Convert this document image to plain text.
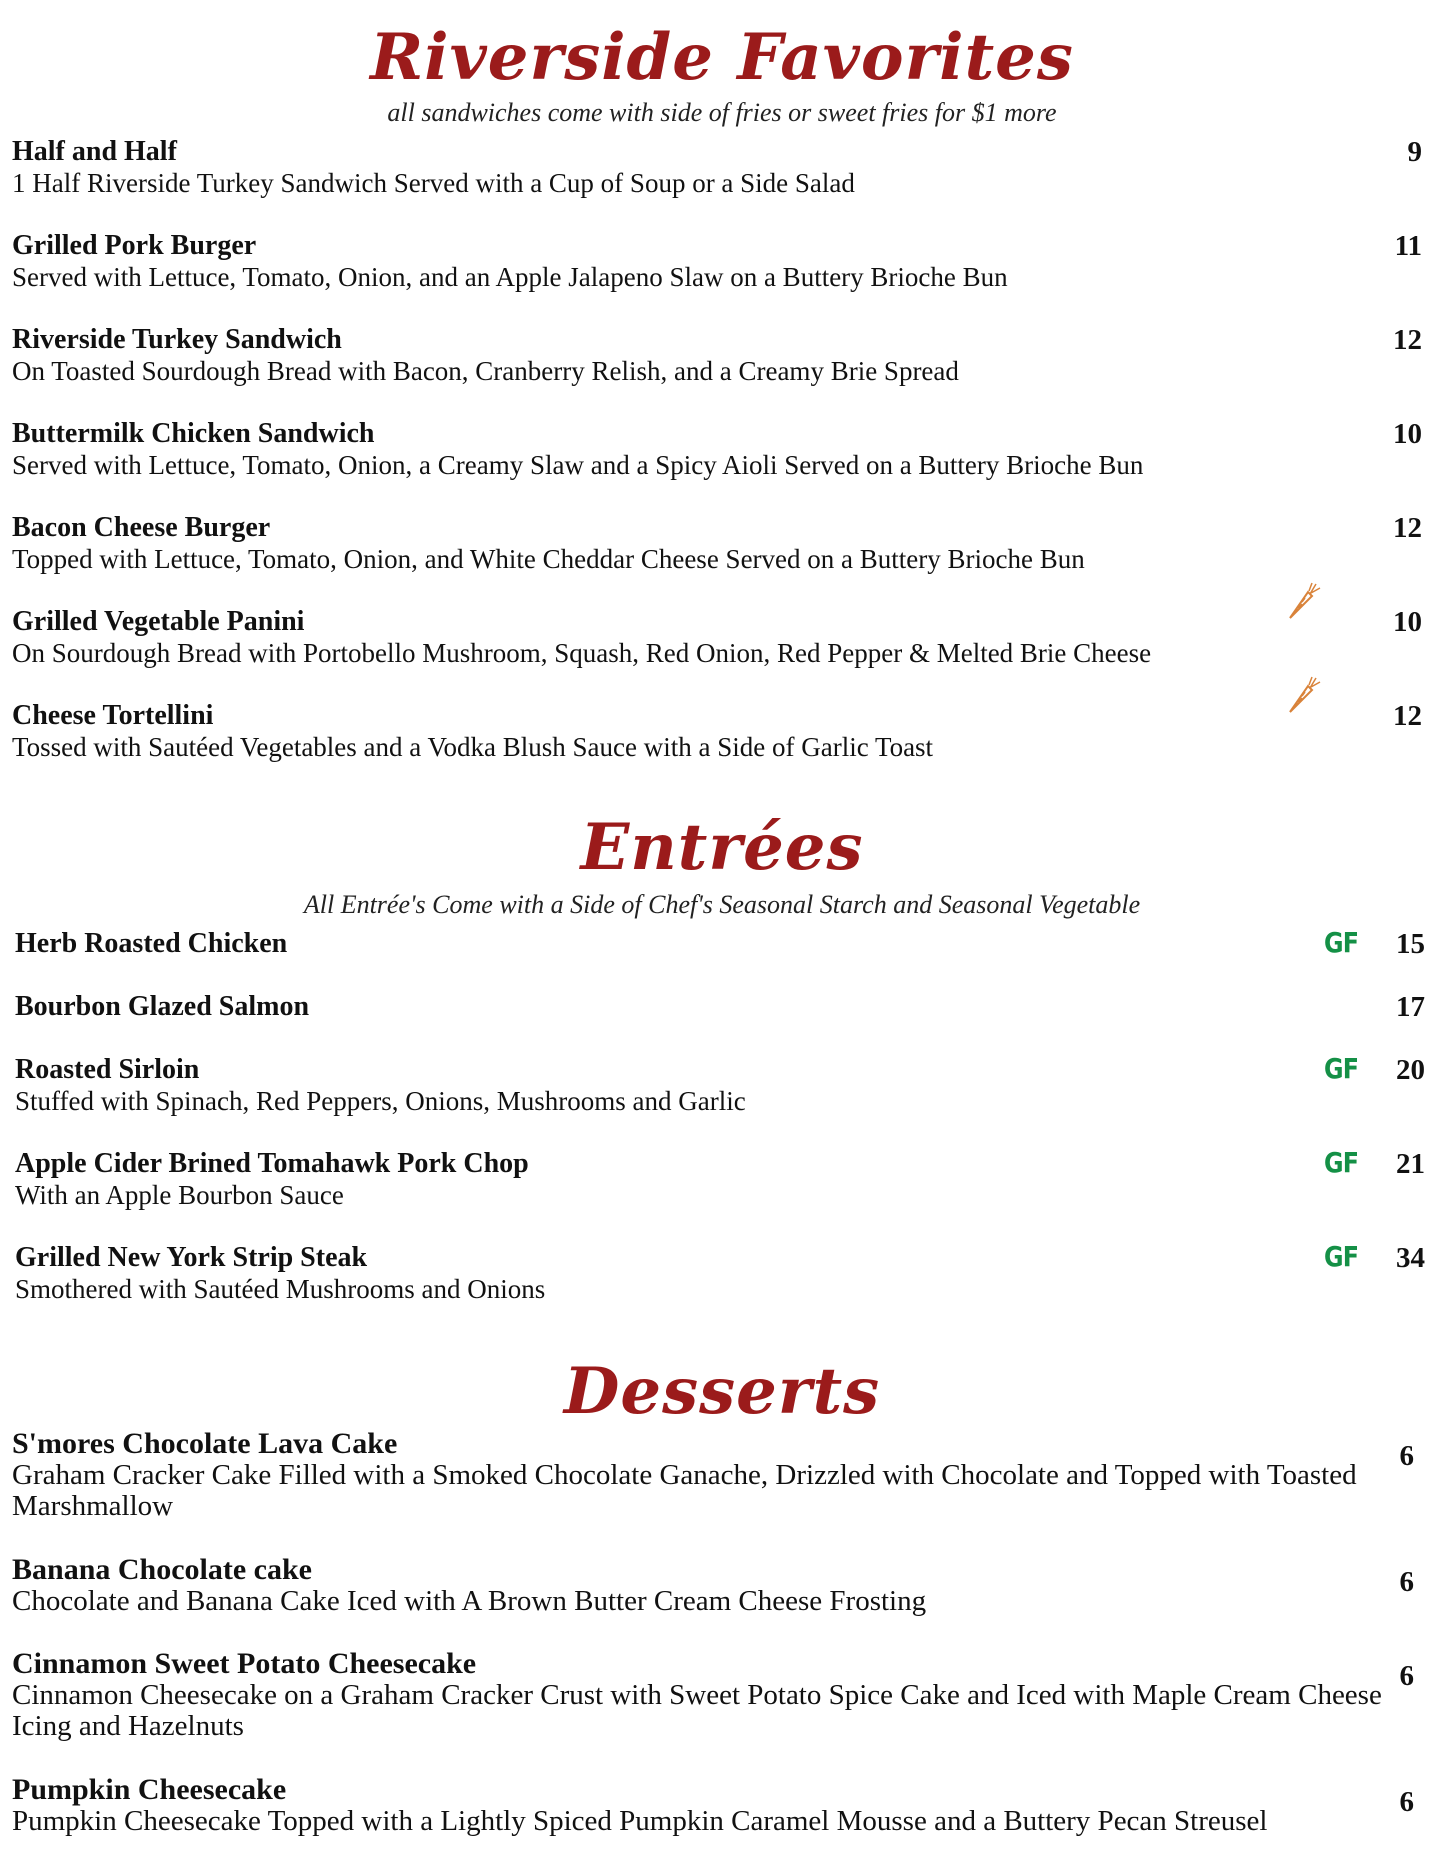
Riverside Favorites
all sandwiches come with side of fries or sweet fries for $1 more
Half and Half
1 Half Riverside Turkey Sandwich Served with a Cup of Soup or a Side Salad
9
Grilled Pork Burger
Served with Lettuce, Tomato, Onion, and an Apple Jalapeno Slaw on a Buttery Brioche Bun
11
Riverside Turkey Sandwich
On Toasted Sourdough Bread with Bacon, Cranberry Relish, and a Creamy Brie Spread
12
Buttermilk Chicken Sandwich
Served with Lettuce, Tomato, Onion, a Creamy Slaw and a Spicy Aioli Served on a Buttery Brioche Bun
10
Bacon Cheese Burger
Topped with Lettuce, Tomato, Onion, and White Cheddar Cheese Served on a Buttery Brioche Bun
12
Grilled Vegetable Panini
On Sourdough Bread with Portobello Mushroom, Squash, Red Onion, Red Pepper & Melted Brie Cheese
10
Cheese Tortellini
Tossed with Sautéed Vegetables and a Vodka Blush Sauce with a Side of Garlic Toast
12
Entrées
All Entrée's Come with a Side of Chef's Seasonal Starch and Seasonal Vegetable
Herb Roasted Chicken	GF 15
Bourbon Glazed Salmon	17
Roasted Sirloin
Stuffed with Spinach, Red Peppers, Onions, Mushrooms and Garlic
GF 20
Apple Cider Brined Tomahawk Pork Chop
With an Apple Bourbon Sauce
GF 21
Grilled New York Strip Steak
Smothered with Sautéed Mushrooms and Onions
GF 34
Desserts
S'mores Chocolate Lava Cake
Graham Cracker Cake Filled with a Smoked Chocolate Ganache, Drizzled with Chocolate and Topped with Toasted Marshmallow
6
Banana Chocolate cake
Chocolate and Banana Cake Iced with A Brown Butter Cream Cheese Frosting
6
Cinnamon Sweet Potato Cheesecake
Cinnamon Cheesecake on a Graham Cracker Crust with Sweet Potato Spice Cake and Iced with Maple Cream Cheese Icing and Hazelnuts
6
Pumpkin Cheesecake
Pumpkin Cheesecake Topped with a Lightly Spiced Pumpkin Caramel Mousse and a Buttery Pecan Streusel
6
